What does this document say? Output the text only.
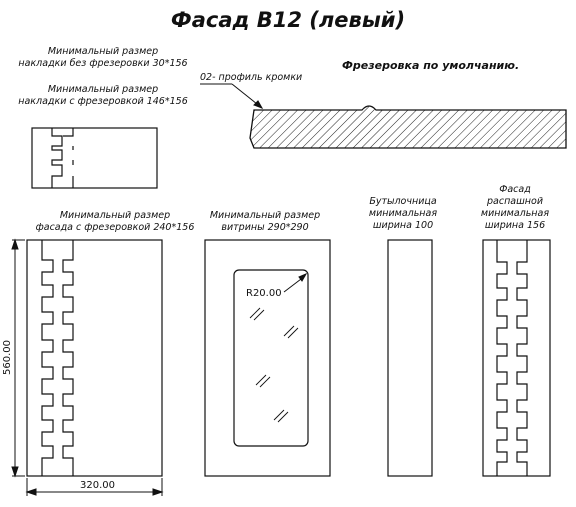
Фасад В12 (левый)
Минимальный размер
накладки без фрезеровки 30*156
Минимальный размер
накладки с фрезеровкой 146*156
Фрезеровка по умолчанию.
02- профиль кромки
Минимальный размер
фасада с фрезеровкой 240*156
Минимальный размер
витрины 290*290
Бутылочница
минимальная
ширина 100
Фасад
распашной
минимальная
ширина 156
560.00
320.00
R20.00
